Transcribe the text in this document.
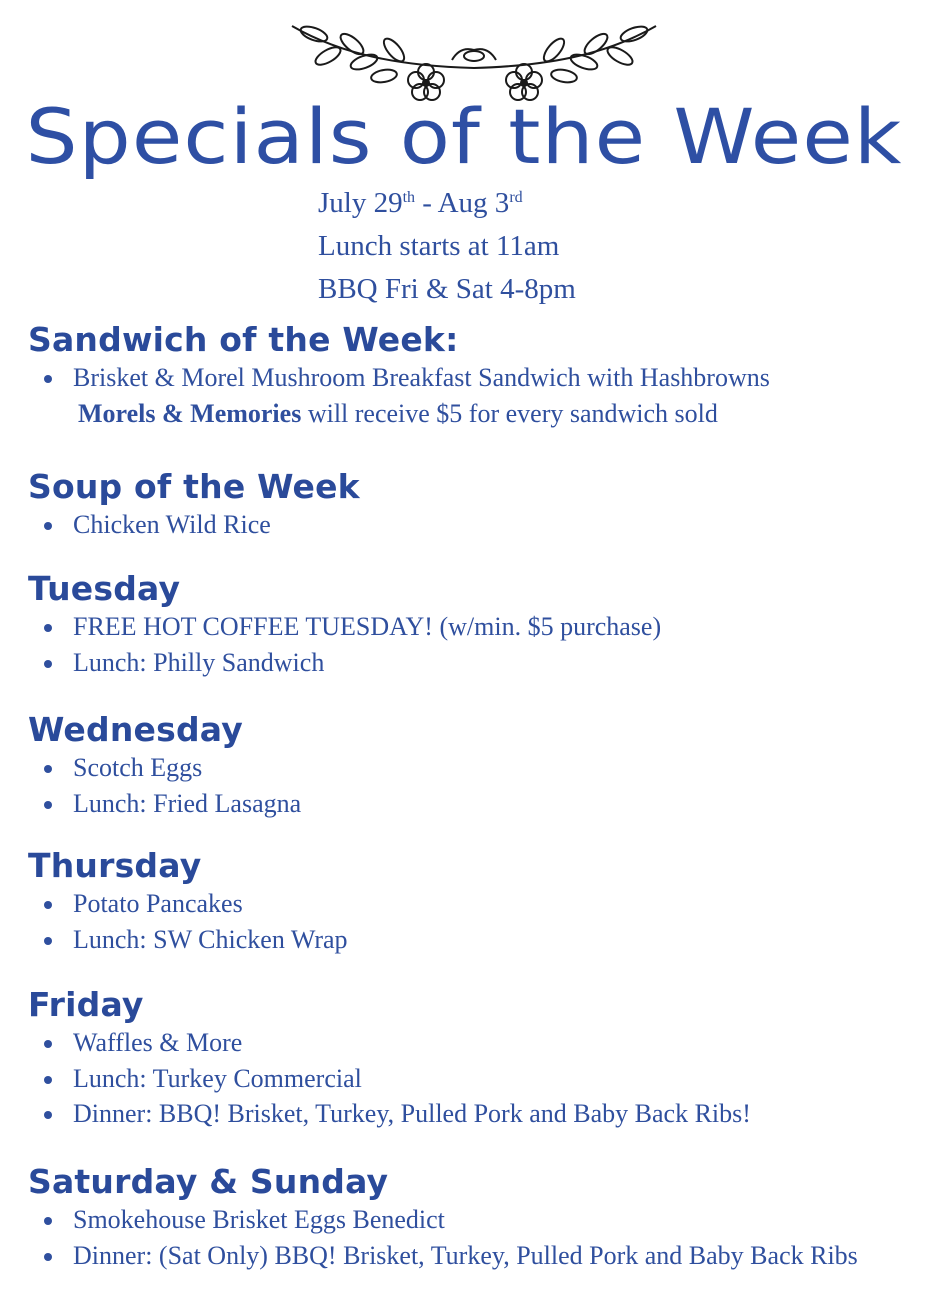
Specials of the Week
July 29th - Aug 3rd
Lunch starts at 11am
BBQ Fri & Sat 4-8pm
Sandwich of the Week:
Brisket & Morel Mushroom Breakfast Sandwich with Hashbrowns
Morels & Memories will receive $5 for every sandwich sold
Soup of the Week
Chicken Wild Rice
Tuesday
FREE HOT COFFEE TUESDAY! (w/min. $5 purchase)
Lunch: Philly Sandwich
Wednesday
Scotch Eggs
Lunch: Fried Lasagna
Thursday
Potato Pancakes
Lunch: SW Chicken Wrap
Friday
Waffles & More
Lunch: Turkey Commercial
Dinner: BBQ! Brisket, Turkey, Pulled Pork and Baby Back Ribs!
Saturday & Sunday
Smokehouse Brisket Eggs Benedict
Dinner: (Sat Only) BBQ! Brisket, Turkey, Pulled Pork and Baby Back Ribs
